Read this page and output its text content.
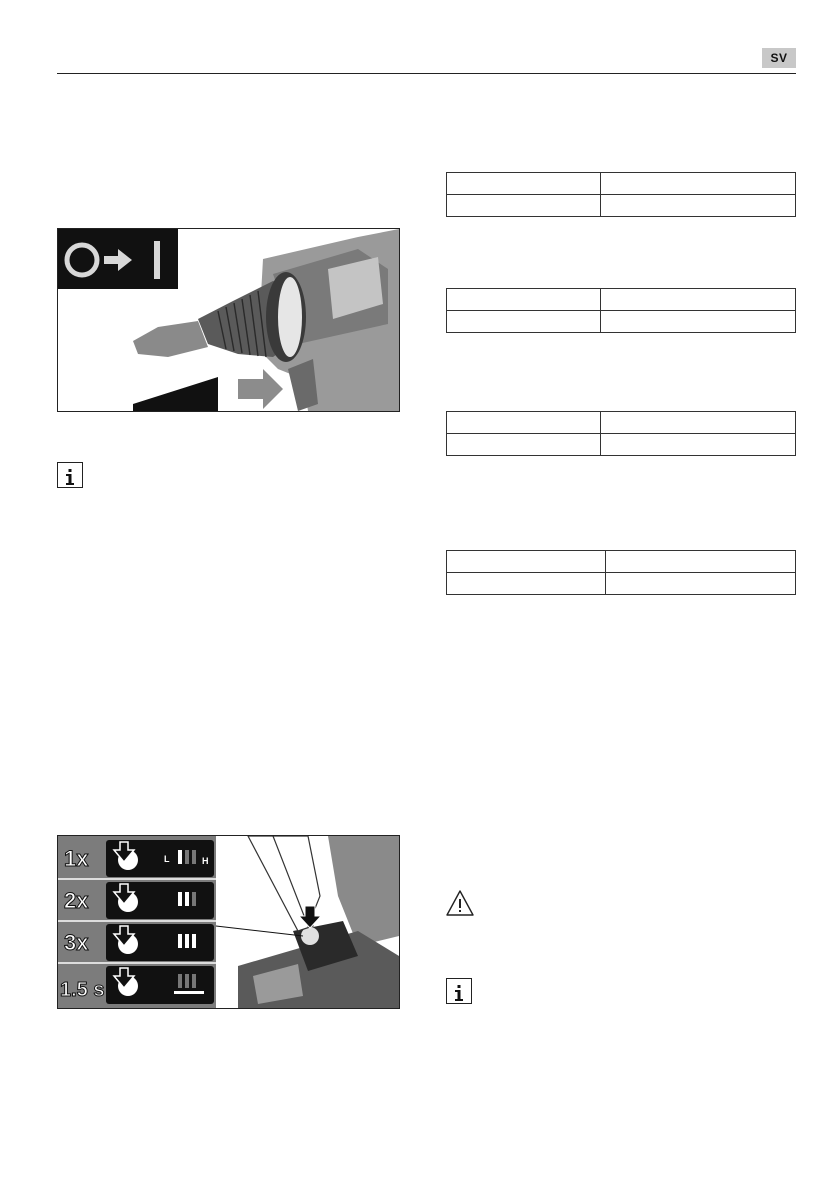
SV
1x
2x
3x
1.5 s
L	H
